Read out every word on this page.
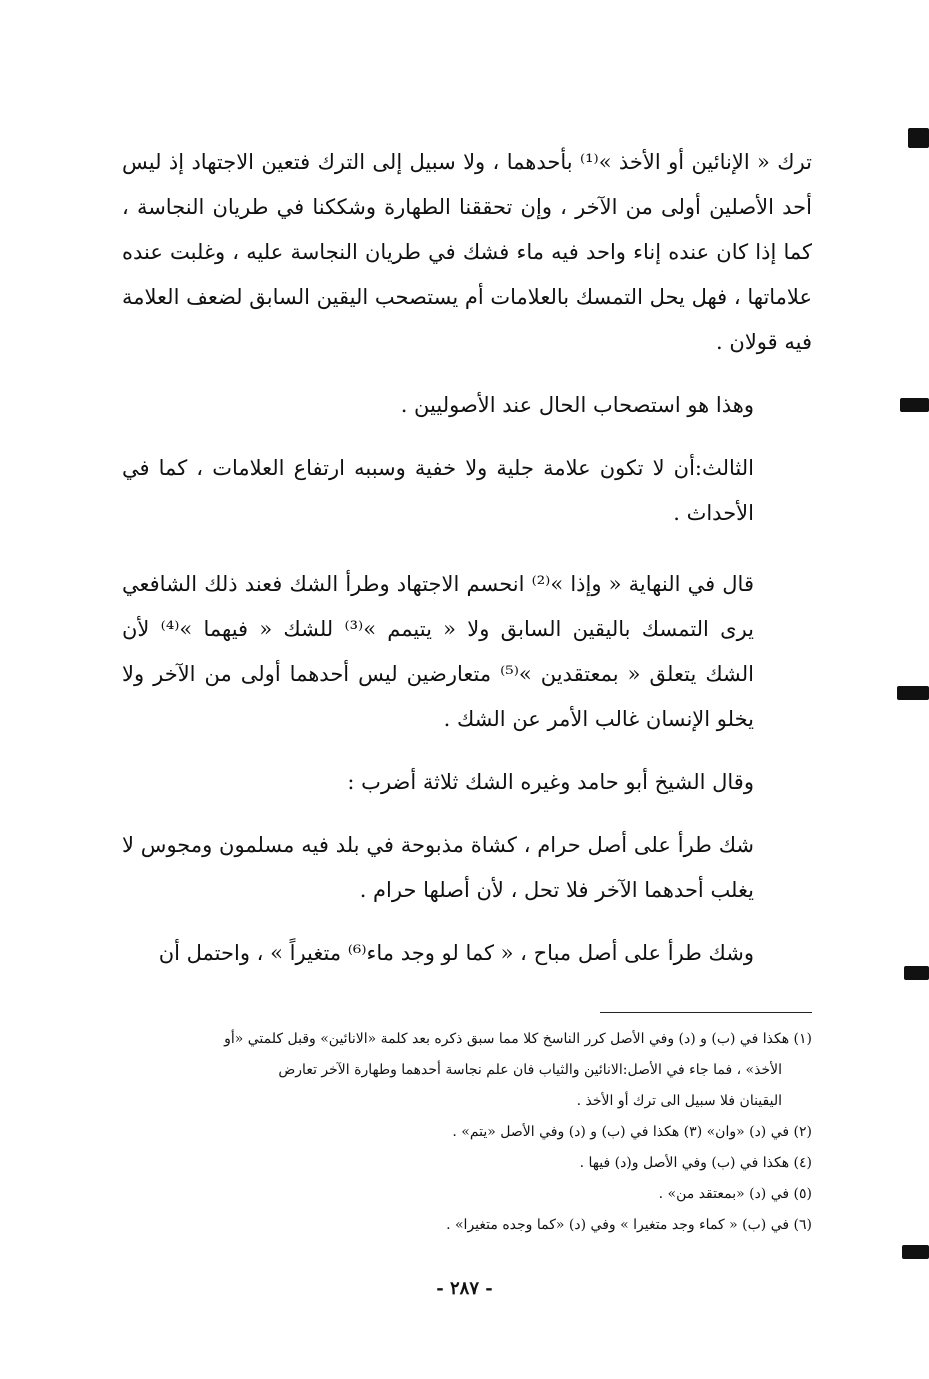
ترك « الإنائين أو الأخذ »⁽¹⁾ بأحدهما ، ولا سبيل إلى الترك فتعين الاجتهاد إذ ليس أحد الأصلين أولى من الآخر ، وإن تحققنا الطهارة وشككنا في طريان النجاسة ، كما إذا كان عنده إناء واحد فيه ماء فشك في طريان النجاسة عليه ، وغلبت عنده علاماتها ، فهل يحل التمسك بالعلامات أم يستصحب اليقين السابق لضعف العلامة فيه قولان .

وهذا هو استصحاب الحال عند الأصوليين .

الثالث:أن لا تكون علامة جلية ولا خفية وسببه ارتفاع العلامات ، كما في الأحداث .

قال في النهاية « وإذا »⁽²⁾ انحسم الاجتهاد وطرأ الشك فعند ذلك الشافعي يرى التمسك باليقين السابق ولا « يتيمم »⁽³⁾ للشك « فيهما »⁽⁴⁾ لأن الشك يتعلق « بمعتقدين »⁽⁵⁾ متعارضين ليس أحدهما أولى من الآخر ولا يخلو الإنسان غالب الأمر عن الشك .

وقال الشيخ أبو حامد وغيره الشك ثلاثة أضرب :

شك طرأ على أصل حرام ، كشاة مذبوحة في بلد فيه مسلمون ومجوس لا يغلب أحدهما الآخر فلا تحل ، لأن أصلها حرام .

وشك طرأ على أصل مباح ، « كما لو وجد ماء⁽⁶⁾ متغيراً » ، واحتمل أن

(١) هكذا في (ب) و (د) وفي الأصل كرر الناسخ كلا مما سبق ذكره بعد كلمة «الانائين» وقبل كلمتي «أو

الأخذ» ، فما جاء في الأصل:الانائين والثياب فان علم نجاسة أحدهما وطهارة الآخر تعارض

اليقينان فلا سبيل الى ترك أو الأخذ .

(٢) في (د) «وان» (٣) هكذا في (ب) و (د) وفي الأصل «يتم» .

(٤) هكذا في (ب) وفي الأصل و(د) فيها .

(٥) في (د) «بمعتقد من» .

(٦) في (ب) « كماء وجد متغيرا » وفي (د) «كما وجده متغيرا» .

- ٢٨٧ -
